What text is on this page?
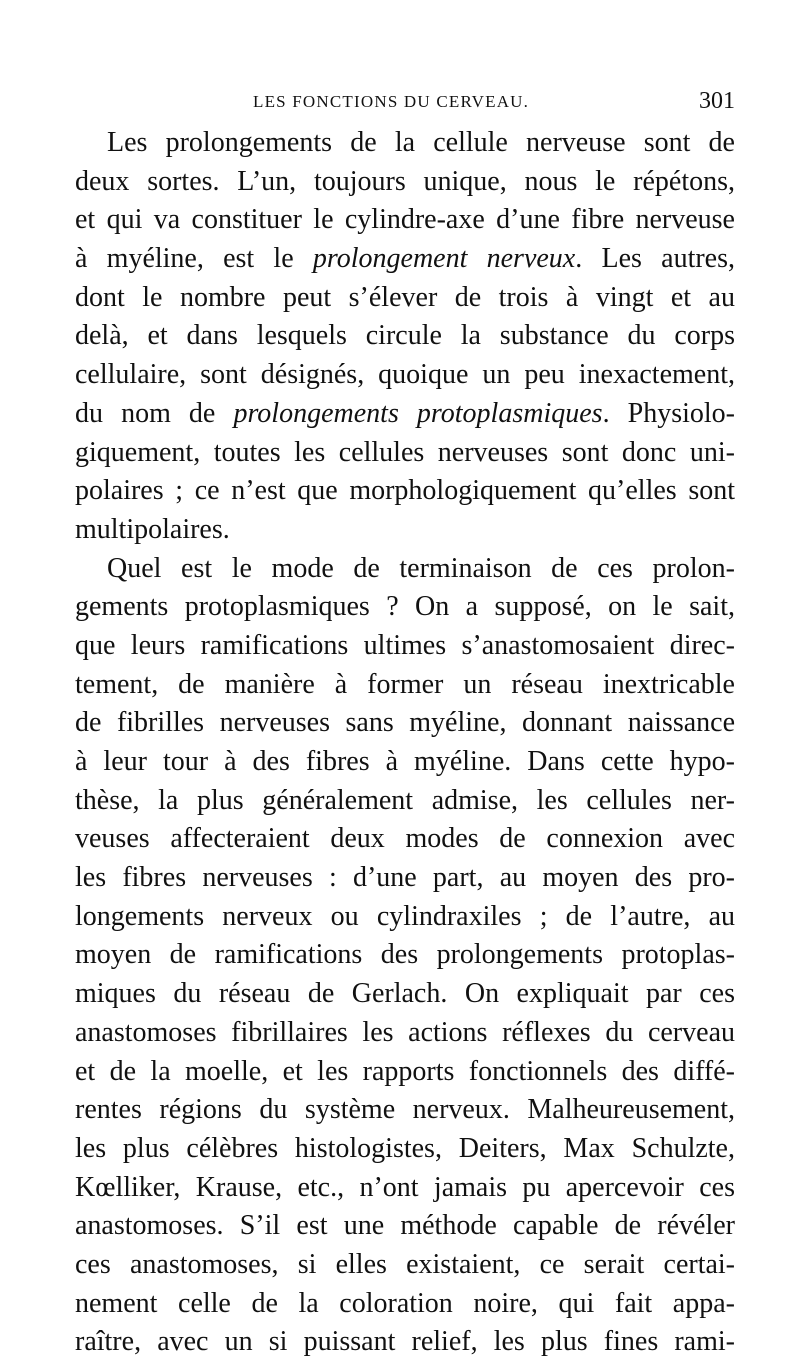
LES FONCTIONS DU CERVEAU.	301
Les prolongements de la cellule nerveuse sont de
deux sortes. L’un, toujours unique, nous le répétons,
et qui va constituer le cylindre-axe d’une fibre nerveuse
à myéline, est le prolongement nerveux. Les autres,
dont le nombre peut s’élever de trois à vingt et au
delà, et dans lesquels circule la substance du corps
cellulaire, sont désignés, quoique un peu inexactement,
du nom de prolongements protoplasmiques. Physiolo-
giquement, toutes les cellules nerveuses sont donc uni-
polaires ; ce n’est que morphologiquement qu’elles sont
multipolaires.
Quel est le mode de terminaison de ces prolon-
gements protoplasmiques ? On a supposé, on le sait,
que leurs ramifications ultimes s’anastomosaient direc-
tement, de manière à former un réseau inextricable
de fibrilles nerveuses sans myéline, donnant naissance
à leur tour à des fibres à myéline. Dans cette hypo-
thèse, la plus généralement admise, les cellules ner-
veuses affecteraient deux modes de connexion avec
les fibres nerveuses : d’une part, au moyen des pro-
longements nerveux ou cylindraxiles ; de l’autre, au
moyen de ramifications des prolongements protoplas-
miques du réseau de Gerlach. On expliquait par ces
anastomoses fibrillaires les actions réflexes du cerveau
et de la moelle, et les rapports fonctionnels des diffé-
rentes régions du système nerveux. Malheureusement,
les plus célèbres histologistes, Deiters, Max Schulzte,
Kœlliker, Krause, etc., n’ont jamais pu apercevoir ces
anastomoses. S’il est une méthode capable de révéler
ces anastomoses, si elles existaient, ce serait certai-
nement celle de la coloration noire, qui fait appa-
raître, avec un si puissant relief, les plus fines rami-
